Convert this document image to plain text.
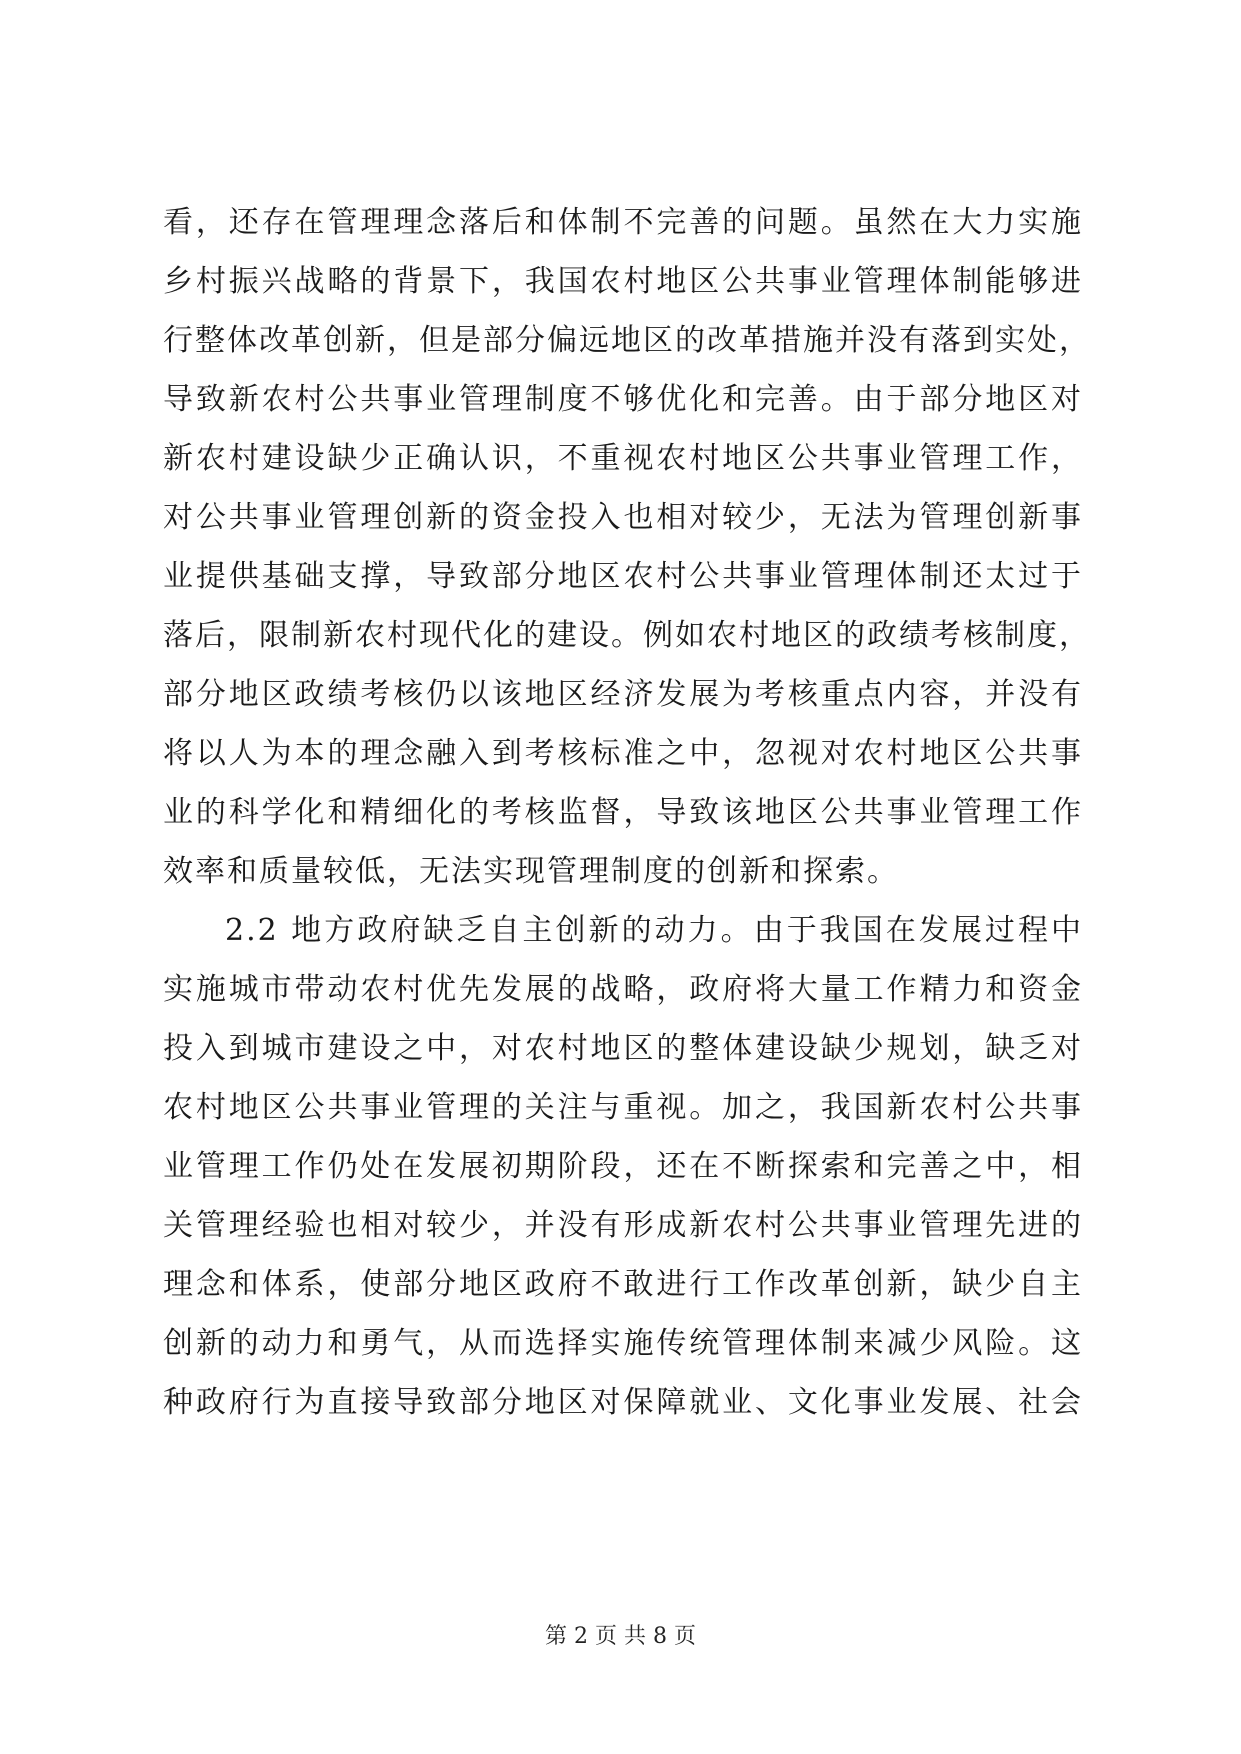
看，还存在管理理念落后和体制不完善的问题。虽然在大力实施

乡村振兴战略的背景下，我国农村地区公共事业管理体制能够进

行整体改革创新，但是部分偏远地区的改革措施并没有落到实处，

导致新农村公共事业管理制度不够优化和完善。由于部分地区对

新农村建设缺少正确认识，不重视农村地区公共事业管理工作，

对公共事业管理创新的资金投入也相对较少，无法为管理创新事

业提供基础支撑，导致部分地区农村公共事业管理体制还太过于

落后，限制新农村现代化的建设。例如农村地区的政绩考核制度，

部分地区政绩考核仍以该地区经济发展为考核重点内容，并没有

将以人为本的理念融入到考核标准之中，忽视对农村地区公共事

业的科学化和精细化的考核监督，导致该地区公共事业管理工作

效率和质量较低，无法实现管理制度的创新和探索。

2.2 地方政府缺乏自主创新的动力。由于我国在发展过程中

实施城市带动农村优先发展的战略，政府将大量工作精力和资金

投入到城市建设之中，对农村地区的整体建设缺少规划，缺乏对

农村地区公共事业管理的关注与重视。加之，我国新农村公共事

业管理工作仍处在发展初期阶段，还在不断探索和完善之中，相

关管理经验也相对较少，并没有形成新农村公共事业管理先进的

理念和体系，使部分地区政府不敢进行工作改革创新，缺少自主

创新的动力和勇气，从而选择实施传统管理体制来减少风险。这

种政府行为直接导致部分地区对保障就业、文化事业发展、社会

第 2 页 共 8 页
